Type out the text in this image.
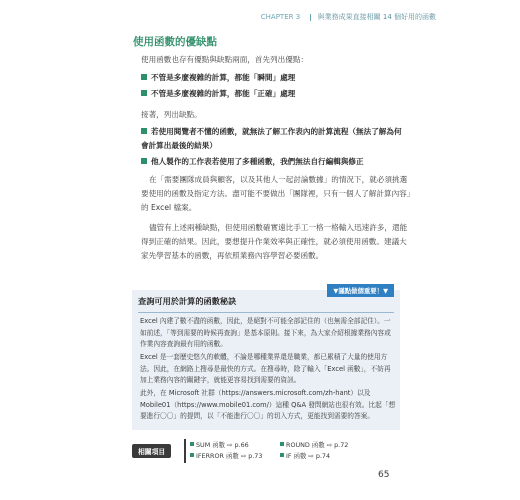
CHAPTER 3 與業務成果直接相關 14 個好用的函數
使用函數的優缺點

使用函數也存有優點與缺點兩面，首先列出優點：

不管是多麼複雜的計算，都能「瞬間」處理
不管是多麼複雜的計算，都能「正確」處理

接著，列出缺點。

若使用閱覽者不懂的函數，就無法了解工作表內的計算流程（無法了解為何會計算出最後的結果）
他人製作的工作表若使用了多種函數，我們無法自行編輯與修正

在「需要團隊成員與顧客，以及其他人一起討論數據」的情況下，就必須挑選要使用的函數及指定方法。盡可能不要做出「團隊裡，只有一個人了解計算內容」的 Excel 檔案。

儘管有上述兩種缺點，但使用函數確實遠比手工一格一格輸入迅速許多，還能得到正確的結果。因此，要想提升作業效率與正確性，就必須使用函數。建議大家先學習基本的函數，再依照業務內容學習必要函數。

▼謹點做個重要！▼
查詢可用於計算的函數秘訣

Excel 內建了數不盡的函數，因此，是絕對不可能全部記住的（也無需全部記住）。一如前述，「等到需要的時候再查詢」是基本原則。接下來，為大家介紹根據業務內容或作業內容查詢最有用的函數。

Excel 是一套歷史悠久的軟體，不論是哪種業界還是職業，都已累積了大量的使用方法。因此，在網路上搜尋是最快的方式。在搜尋時，除了輸入「Excel 函數」，不妨再加上業務內容的關鍵字，就能更容易找到需要的資訊。

此外，在 Microsoft 社群（https://answers.microsoft.com/zh-hant）以及 Mobile01（https://www.mobile01.com/）這種 Q&A 發問網站也很有效。比起「想要進行〇〇」的提問，以「不能進行〇〇」的切入方式，更能找到需要的答案。

相關項目
SUM 函數 ⇨ p.66	ROUND 函數 ⇨ p.72
IFERROR 函數 ⇨ p.73	IF 函數 ⇨ p.74
65
